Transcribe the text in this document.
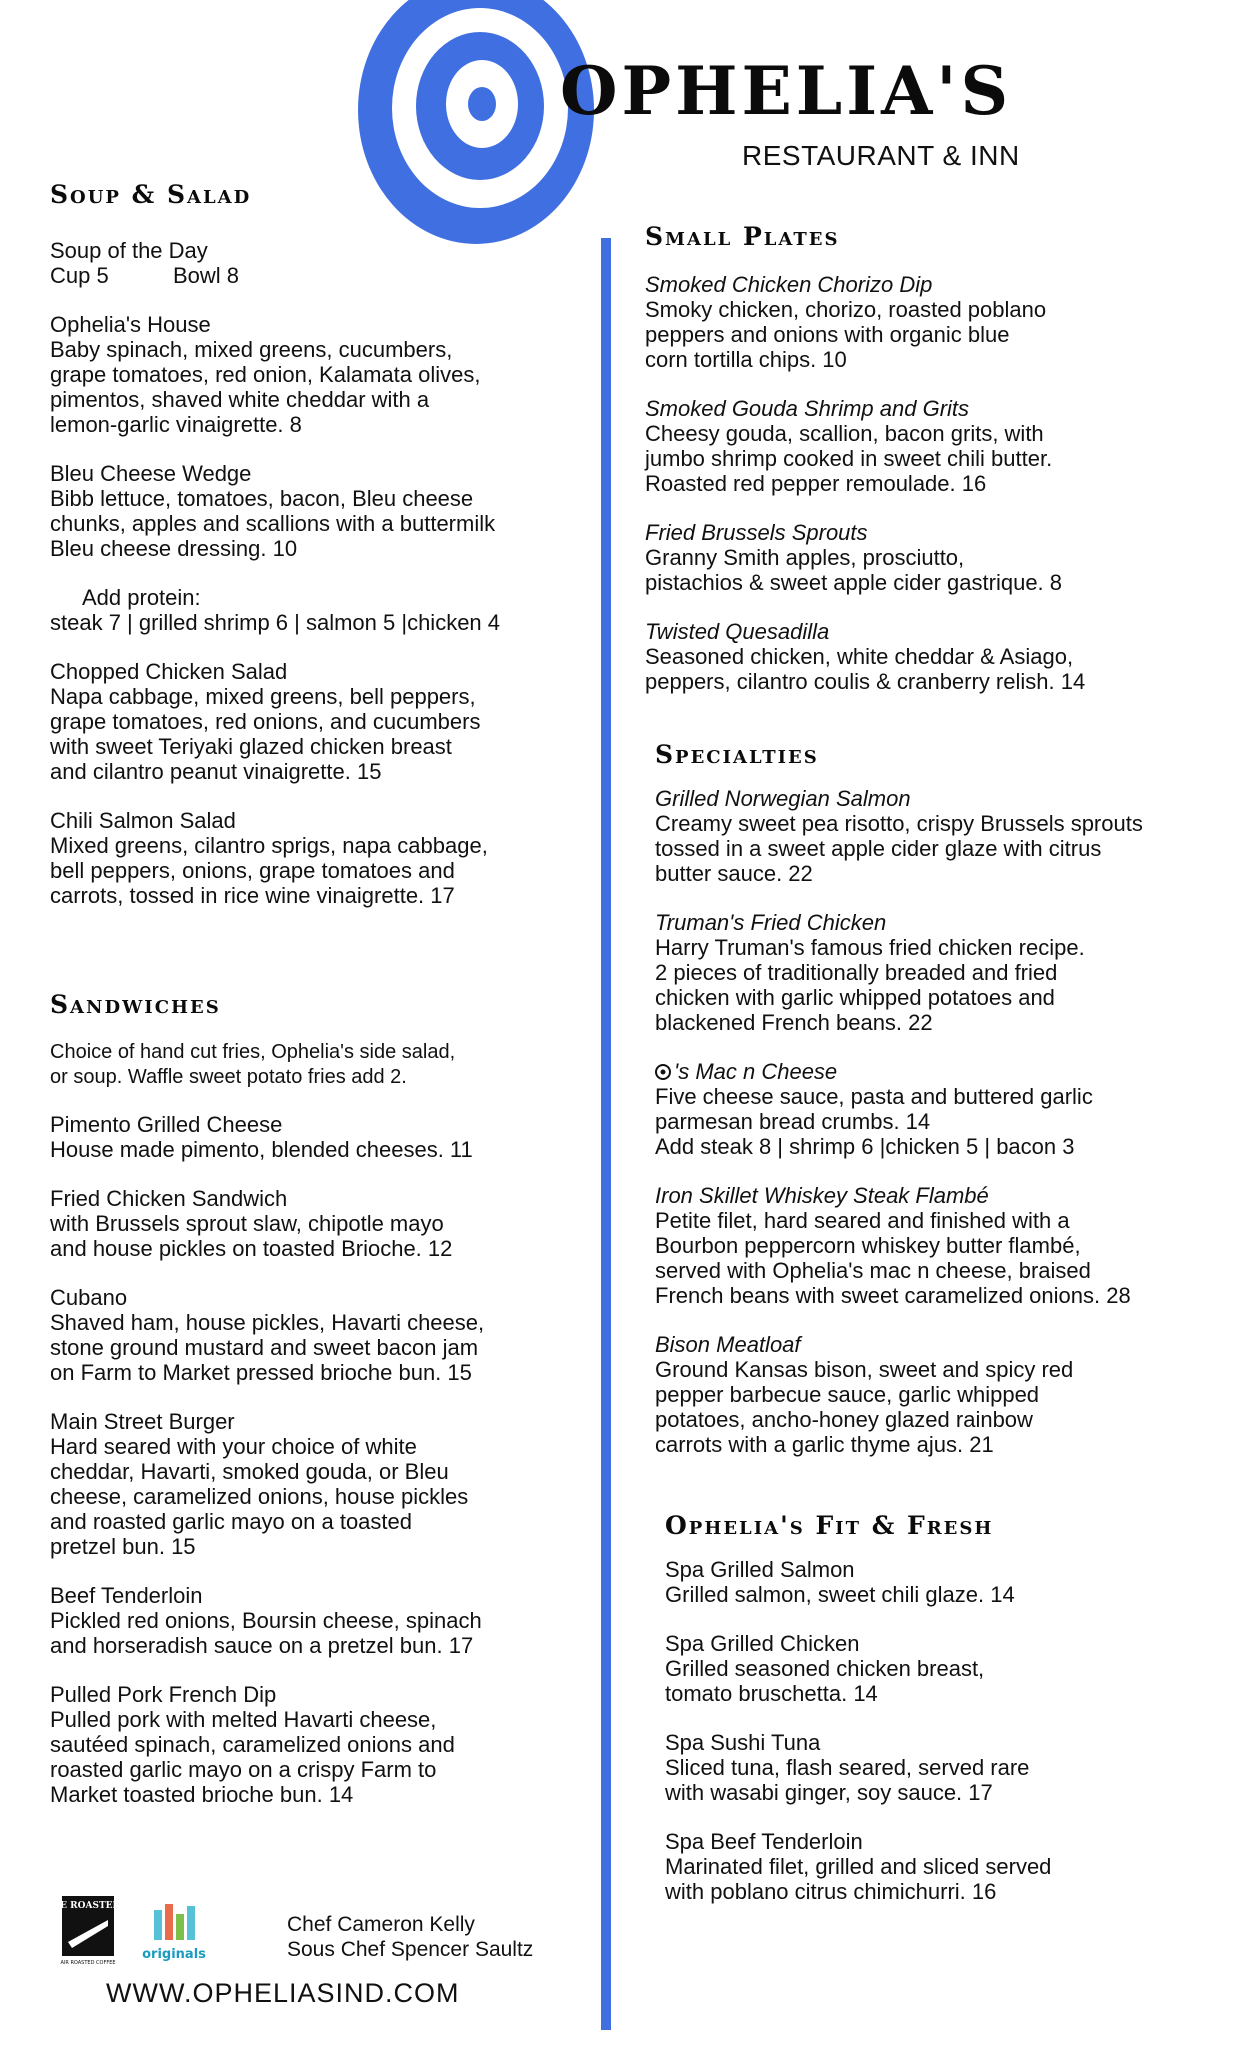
OPHELIA'S
RESTAURANT & INN
Soup & Salad
Soup of the Day
Cup 5	Bowl 8
Ophelia's House
Baby spinach, mixed greens, cucumbers,
grape tomatoes, red onion, Kalamata olives,
pimentos, shaved white cheddar with a
lemon-garlic vinaigrette. 8
Bleu Cheese Wedge
Bibb lettuce, tomatoes, bacon, Bleu cheese
chunks, apples and scallions with a buttermilk
Bleu cheese dressing. 10
Add protein:
steak 7 | grilled shrimp 6 | salmon 5 |chicken 4
Chopped Chicken Salad
Napa cabbage, mixed greens, bell peppers,
grape tomatoes, red onions, and cucumbers
with sweet Teriyaki glazed chicken breast
and cilantro peanut vinaigrette. 15
Chili Salmon Salad
Mixed greens, cilantro sprigs, napa cabbage,
bell peppers, onions, grape tomatoes and
carrots, tossed in rice wine vinaigrette. 17
Sandwiches
Choice of hand cut fries, Ophelia's side salad,
or soup. Waffle sweet potato fries add 2.
Pimento Grilled Cheese
House made pimento, blended cheeses. 11
Fried Chicken Sandwich
with Brussels sprout slaw, chipotle mayo
and house pickles on toasted Brioche. 12
Cubano
Shaved ham, house pickles, Havarti cheese,
stone ground mustard and sweet bacon jam
on Farm to Market pressed brioche bun. 15
Main Street Burger
Hard seared with your choice of white
cheddar, Havarti, smoked gouda, or Bleu
cheese, caramelized onions, house pickles
and roasted garlic mayo on a toasted
pretzel bun. 15
Beef Tenderloin
Pickled red onions, Boursin cheese, spinach
and horseradish sauce on a pretzel bun. 17
Pulled Pork French Dip
Pulled pork with melted Havarti cheese,
sautéed spinach, caramelized onions and
roasted garlic mayo on a crispy Farm to
Market toasted brioche bun. 14
Small Plates
Smoked Chicken Chorizo Dip
Smoky chicken, chorizo, roasted poblano
peppers and onions with organic blue
corn tortilla chips. 10
Smoked Gouda Shrimp and Grits
Cheesy gouda, scallion, bacon grits, with
jumbo shrimp cooked in sweet chili butter.
Roasted red pepper remoulade. 16
Fried Brussels Sprouts
Granny Smith apples, prosciutto,
pistachios & sweet apple cider gastrique. 8
Twisted Quesadilla
Seasoned chicken, white cheddar & Asiago,
peppers, cilantro coulis & cranberry relish. 14
Specialties
Grilled Norwegian Salmon
Creamy sweet pea risotto, crispy Brussels sprouts
tossed in a sweet apple cider glaze with citrus
butter sauce. 22
Truman's Fried Chicken
Harry Truman's famous fried chicken recipe.
2 pieces of traditionally breaded and fried
chicken with garlic whipped potatoes and
blackened French beans. 22
's Mac n Cheese
Five cheese sauce, pasta and buttered garlic
parmesan bread crumbs. 14
Add steak 8 | shrimp 6 |chicken 5 | bacon 3
Iron Skillet Whiskey Steak Flambé
Petite filet, hard seared and finished with a
Bourbon peppercorn whiskey butter flambé,
served with Ophelia's mac n cheese, braised
French beans with sweet caramelized onions. 28
Bison Meatloaf
Ground Kansas bison, sweet and spicy red
pepper barbecue sauce, garlic whipped
potatoes, ancho-honey glazed rainbow
carrots with a garlic thyme ajus. 21
Ophelia's Fit & Fresh
Spa Grilled Salmon
Grilled salmon, sweet chili glaze. 14
Spa Grilled Chicken
Grilled seasoned chicken breast,
tomato bruschetta. 14
Spa Sushi Tuna
Sliced tuna, flash seared, served rare
with wasabi ginger, soy sauce. 17
Spa Beef Tenderloin
Marinated filet, grilled and sliced served
with poblano citrus chimichurri. 16
THE ROASTERIE
AIR ROASTED COFFEE
originals
Chef Cameron Kelly
Sous Chef Spencer Saultz
WWW.OPHELIASIND.COM
